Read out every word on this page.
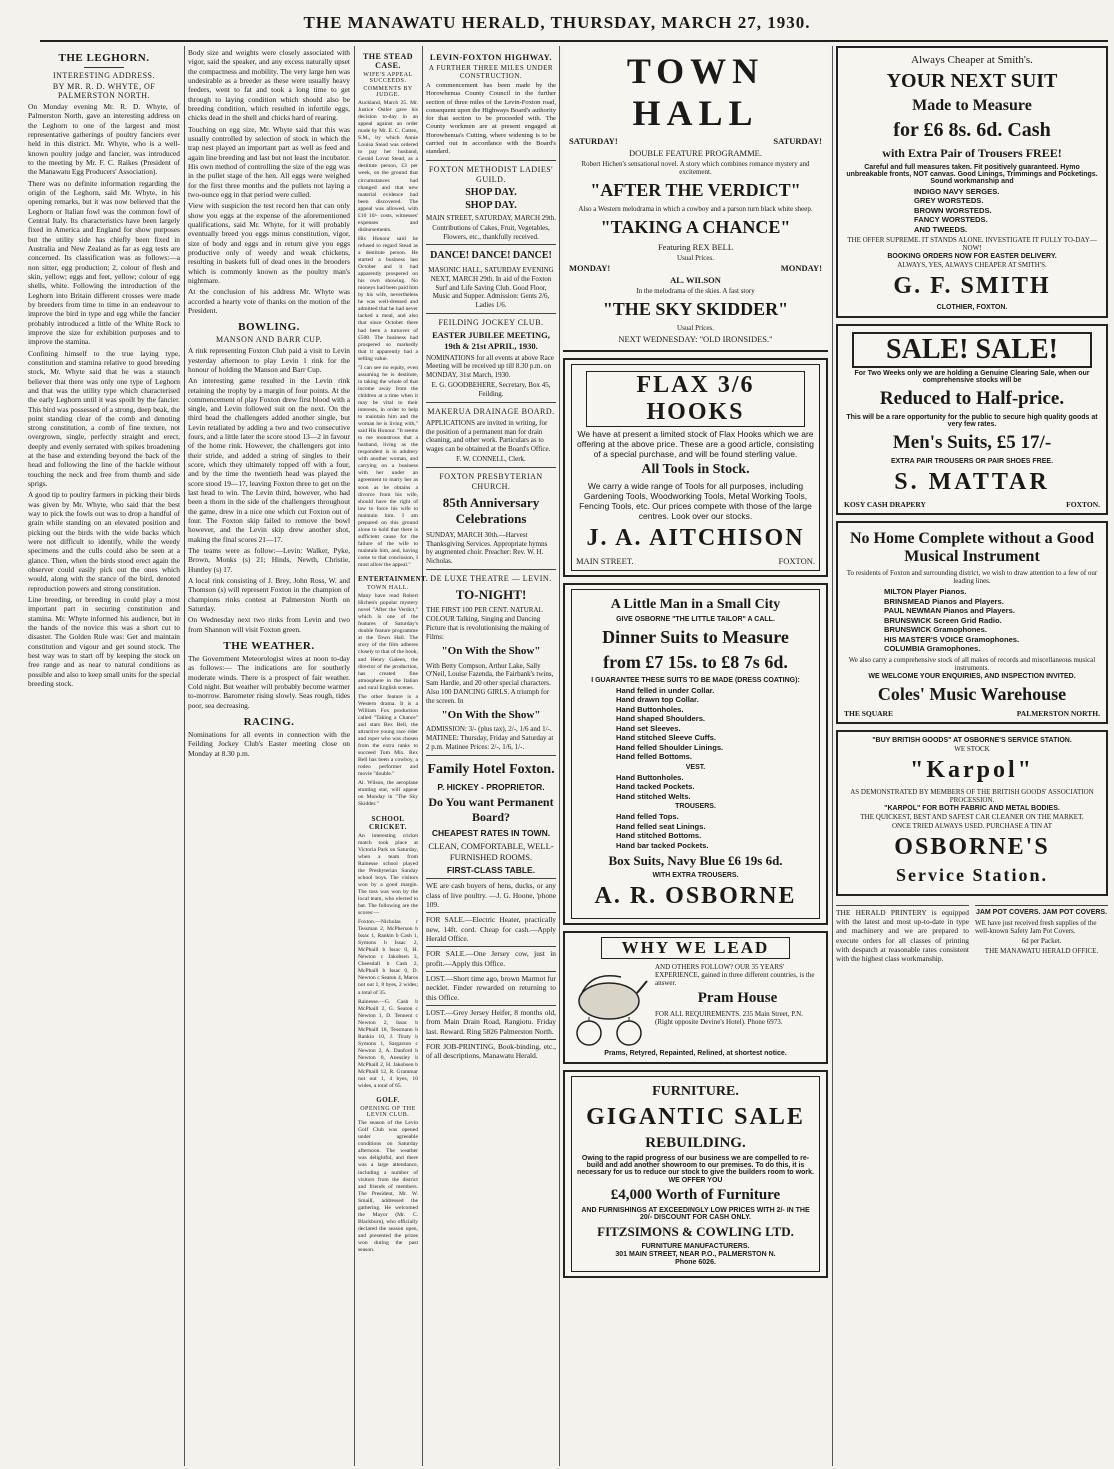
THE MANAWATU HERALD, THURSDAY, MARCH 27, 1930.
THE LEGHORN.
INTERESTING ADDRESS.
BY MR. R. D. WHYTE, OF PALMERSTON NORTH.

On Monday evening Mr. R. D. Whyte, of Palmerston North, gave an interesting address on the Leghorn to one of the largest and most representative gatherings of poultry fanciers ever held in this district. Mr. Whyte, who is a well-known poultry judge and fancier, was introduced to the meeting by Mr. F. C. Raikes (President of the Manawatu Egg Producers' Association).

There was no definite information regarding the origin of the Leghorn, said Mr. Whyte, in his opening remarks, but it was now believed that the Leghorn or Italian fowl was the common fowl of Central Italy. Its characteristics have been largely fixed in America and England for show purposes but the utility side has chiefly been fixed in Australia and New Zealand as far as egg tests are concerned. Its classification was as follows:—a non sitter, egg production; 2, colour of flesh and skin, yellow; eggs and feet, yellow; colour of egg shells, white. Following the introduction of the Leghorn into Britain different crosses were made by breeders from time to time in an endeavour to improve the bird in type and egg while the fancier probably introduced a little of the White Rock to improve the size for exhibition purposes and to improve the stamina.

Confining himself to the true laying type, constitution and stamina relative to good breeding stock, Mr. Whyte said that he was a staunch believer that there was only one type of Leghorn and that was the utility type which characterised the early Leghorn until it was spoilt by the fancier. This bird was possessed of a strong, deep beak, the point standing clear of the comb and denoting strong constitution, a comb of fine texture, not overgrown, single, perfectly straight and erect, deeply and evenly serrated with spikes broadening at the base and extending beyond the back of the head and following the line of the hackle without touching the neck and free from thumb and side sprigs.

A good tip to poultry farmers in picking their birds was given by Mr. Whyte, who said that the best way to pick the fowls out was to drop a handful of grain while standing on an elevated position and picking out the birds with the wide backs which were not difficult to identify, while the weedy specimens and the culls could also be seen at a glance. Then, when the birds stood erect again the observer could easily pick out the ones which would, along with the stance of the bird, denoted reproduction powers and strong constitution.

Line breeding, or breeding in could play a most important part in securing constitution and stamina. Mr. Whyte informed his audience, but in the hands of the novice this was a short cut to disaster. The Golden Rule was: Get and maintain constitution and vigour and get sound stock. The best way was to start off by keeping the stock on free range and as near to natural conditions as possible and also to keep small units for the special breeding stock.

Body size and weights were closely associated with vigor, said the speaker, and any excess naturally upset the compactness and mobility. The very large hen was undesirable as a breeder as these were usually heavy feeders, went to fat and took a long time to get through to laying condition which should also be breeding condition, which resulted in infertile eggs, chicks dead in the shell and chicks hard of rearing.

Touching on egg size, Mr. Whyte said that this was usually controlled by selection of stock in which the trap nest played an important part as well as feed and again line breeding and last but not least the incubator. His own method of controlling the size of the egg was in the pullet stage of the hen. All eggs were weighed for the first three months and the pullets not laying a two-ounce egg in that period were culled.

View with suspicion the test record hen that can only show you eggs at the expense of the aforementioned qualifications, said Mr. Whyte, for it will probably eventually breed you eggs minus constitution, vigor, size of body and eggs and in return give you eggs productive only of weedy and weak chickens, resulting in baskets full of dead ones in the brooders which is commonly known as the poultry man's nightmare.

At the conclusion of his address Mr. Whyte was accorded a hearty vote of thanks on the motion of the President.

BOWLING.
MANSON AND BARR CUP.

A rink representing Foxton Club paid a visit to Levin yesterday afternoon to play Levin 1 rink for the honour of holding the Manson and Barr Cup.

An interesting game resulted in the Levin rink retaining the trophy by a margin of four points. At the commencement of play Foxton drew first blood with a single, and Levin followed suit on the next. On the third head the challengers added another single, but Levin retaliated by adding a two and two consecutive fours, and a little later the score stood 13—2 in favour of the home rink. However, the challengers got into their stride, and added a string of singles to their score, which they ultimately topped off with a four, and by the time the twentieth head was played the score stood 19—17, leaving Foxton three to get on the last head to win. The Levin third, however, who had been a thorn in the side of the challengers throughout the game, drew in a nice one which cut Foxton out of four. The Foxton skip failed to remove the bowl however, and the Levin skip drew another shot, making the final scores 21—17.

The teams were as follow:—Levin: Walker, Pyke, Brown, Monks (s) 21; Hinds, Newth, Christie, Huntley (s) 17.

A local rink consisting of J. Brey, John Ross, W. and Thomson (s) will represent Foxton in the champion of champions rinks contest at Palmerston North on Saturday.

On Wednesday next two rinks from Levin and two from Shannon will visit Foxton green.

THE WEATHER.

The Government Meteorologist wires at noon to-day as follows:— The indications are for southerly moderate winds. There is a prospect of fair weather. Cold night. But weather will probably become warmer to-morrow. Barometer rising slowly. Seas rough, tides poor, sea decreasing.

RACING.

Nominations for all events in connection with the Feilding Jockey Club's Easter meeting close on Monday at 8.30 p.m.

THE STEAD CASE.
WIFE'S APPEAL SUCCEEDS.
COMMENTS BY JUDGE.

Auckland, March 25. Mr. Justice Ostler gave his decision to-day in an appeal against an order made by Mr. E. C. Cutten, S.M., by which Annie Louisa Stead was ordered to pay her husband, Gerald Lovat Stead, as a destitute person, £3 per week, on the ground that circumstances had changed and that new material evidence had been discovered. The appeal was allowed, with £10 10/- costs, witnesses' expenses and disbursements.

His Honour said he refused to regard Stead as a destitute person. He started a business last October and it had apparently prospered on his own showing. No moneys had been paid him by his wife, nevertheless he was well-dressed and admitted that he had never lacked a meal, and also that since October there had been a turnover of £500. The business had prospered so markedly that it apparently had a selling value.

"I can see no equity, even assuming he is destitute, in taking the whole of that income away from the children at a time when it may be vital to their interests, in order to help to maintain him and the woman he is living with," said His Honour. "It seems to me monstrous that a husband, living as the respondent is in adultery with another woman, and carrying on a business with her under an agreement to marry her as soon as he obtains a divorce from his wife, should have the right of law to force his wife to maintain him. I am prepared on this ground alone to hold that there is sufficient cause for the failure of the wife to maintain him, and, having come to that conclusion, I must allow the appeal."

ENTERTAINMENT.
TOWN HALL.

Many have read Robert Hichen's popular mystery novel "After the Verdict," which is one of the features of Saturday's double feature programme at the Town Hall. The story of the film adheres closely to that of the book, and Henry Galeen, the director of the production, has created fine atmosphere in the Italian and rural English scenes.

The other feature is a Western drama. It is a William Fox production called "Taking a Chance" and stars Rex Bell, the attractive young race rider and roper who was chosen from the extra ranks to succeed Tom Mix. Rex Bell has been a cowboy, a rodeo performer and movie "double."

Al. Wilson, the aeroplane stunting star, will appear on Monday in "The Sky Skidder."

SCHOOL CRICKET.

An interesting cricket match took place at Victoria Park on Saturday, when a team from Rainesse school played the Presbyterian Sunday school boys. The visitors won by a good margin. The toss was won by the local team, who elected to bat. The following are the scores:—

Foxton.—Nicholas r Tessman 2, McPherson b Issac 1, Rankin b Cash 1, Symons b Issac 2, McPhaill b Issac 0, H. Newton c Jakobsen 3, Cheesdall b Cash 2, McPhaill b Issac 0, D. Newton c Seaton 4, Maros not out 1, 8 byes, 2 wides; a total of 35.

Rainesse.—G. Cash b McPhaill 2, G. Seaton c Newton 1, D. Tennent c Newton 2, Issac b McPhaill 18, Tessmann b Rankin 10, J. Tiraty b Symons 1, Sargarson c Newton 2, A. Danford b Newton 0, Anessley b McPhaill 2, H. Jakobsen b McPhaill 12, R. Grammar not out 1, 4 byes, 10 wides, a total of 65.

GOLF.
OPENING OF THE LEVIN CLUB.

The season of the Levin Golf Club was opened under agreeable conditions on Saturday afternoon. The weather was delightful, and there was a large attendance, including a number of visitors from the district and friends of members. The President, Mr. W. Smaill, addressed the gathering. He welcomed the Mayor (Mr. C. Blackburn), who officially declared the season open, and presented the prizes won during the past season.

LEVIN-FOXTON HIGHWAY.
A FURTHER THREE MILES UNDER CONSTRUCTION.

A commencement has been made by the Horowhenua County Council in the further section of three miles of the Levin-Foxton road, consequent upon the Highways Board's authority for that section to be proceeded with. The County workmen are at present engaged at Horowhenua's Cutting, where widening is to be carried out in accordance with the Board's standard.

FOXTON METHODIST LADIES' GUILD.
SHOP DAY.
SHOP DAY.
MAIN STREET, SATURDAY, MARCH 29th.
Contributions of Cakes, Fruit, Vegetables, Flowers, etc., thankfully received.
DANCE! DANCE! DANCE!
MASONIC HALL, SATURDAY EVENING NEXT, MARCH 29th. In aid of the Foxton Surf and Life Saving Club. Good Floor, Music and Supper. Admission: Gents 2/6, Ladies 1/6.
FEILDING JOCKEY CLUB.
EASTER JUBILEE MEETING, 19th & 21st APRIL, 1930.
NOMINATIONS for all events at above Race Meeting will be received up till 8.30 p.m. on MONDAY, 31st March, 1930.
E. G. GOODBEHERE, Secretary, Box 45, Feilding.
MAKERUA DRAINAGE BOARD.
APPLICATIONS are invited in writing, for the position of a permanent man for drain cleaning, and other work. Particulars as to wages can be obtained at the Board's Office.
F. W. CONNELL, Clerk.
FOXTON PRESBYTERIAN CHURCH.
85th Anniversary Celebrations
SUNDAY, MARCH 30th.—Harvest Thanksgiving Services. Appropriate hymns by augmented choir. Preacher: Rev. W. H. Nicholas.
DE LUXE THEATRE — LEVIN.
TO-NIGHT!
THE FIRST 100 PER CENT. NATURAL COLOUR Talking, Singing and Dancing Picture that is revolutionising the making of Films:
"On With the Show"
With Betty Compson, Arthur Lake, Sally O'Neil, Louise Fazenda, the Fairbank's twins, Sam Hardie, and 20 other special characters. Also 100 DANCING GIRLS. A triumph for the screen. In
"On With the Show"
ADMISSION: 3/- (plus tax), 2/-, 1/6 and 1/-. MATINEE: Thursday, Friday and Saturday at 2 p.m. Matinee Prices: 2/-, 1/6, 1/-.
Family Hotel Foxton.
P. HICKEY - PROPRIETOR.
Do You want Permanent Board?
CHEAPEST RATES IN TOWN.
CLEAN, COMFORTABLE, WELL-FURNISHED ROOMS.
FIRST-CLASS TABLE.
WE are cash buyers of hens, ducks, or any class of live poultry. —J. G. Hoone, 'phone 109.
FOR SALE.—Electric Heater, practically new, 14ft. cord. Cheap for cash.—Apply Herald Office.
FOR SALE.—One Jersey cow, just in profit.—Apply this Office.
LOST.—Short time ago, brown Marmot fur necklet. Finder rewarded on returning to this Office.
LOST.—Grey Jersey Heifer, 8 months old, from Main Drain Road, Rangiotu. Friday last. Reward. Ring 5826 Palmerston North.
FOR JOB-PRINTING, Book-binding, etc., of all descriptions, Manawatu Herald.
TOWN HALL
SATURDAY!	SATURDAY!
DOUBLE FEATURE PROGRAMME.
Robert Hichen's sensational novel. A story which combines romance mystery and excitement.
"AFTER THE VERDICT"
Also a Western melodrama in which a cowboy and a parson turn black white sheep.
"TAKING A CHANCE"
Featuring REX BELL
Usual Prices.
MONDAY!	MONDAY!
AL. WILSON
In the melodrama of the skies. A fast story
"THE SKY SKIDDER"
Usual Prices.
NEXT WEDNESDAY: "OLD IRONSIDES."
FLAX 3/6 HOOKS
We have at present a limited stock of Flax Hooks which we are offering at the above price. These are a good article, consisting of a special purchase, and will be found sterling value.
All Tools in Stock.
We carry a wide range of Tools for all purposes, including Gardening Tools, Woodworking Tools, Metal Working Tools, Fencing Tools, etc. Our prices compete with those of the large centres. Look over our stocks.
J. A. AITCHISON
MAIN STREET.	FOXTON.
A Little Man in a Small City
GIVE OSBORNE "THE LITTLE TAILOR" A CALL.
Dinner Suits to Measure
from £7 15s. to £8 7s 6d.
I GUARANTEE THESE SUITS TO BE MADE (DRESS COATING):
Hand felled in under Collar.
Hand drawn top Collar.
Hand Buttonholes.
Hand shaped Shoulders.
Hand set Sleeves.
Hand stitched Sleeve Cuffs.
Hand felled Shoulder Linings.
Hand felled Bottoms.
VEST.
Hand Buttonholes.
Hand tacked Pockets.
Hand stitched Welts.
TROUSERS.
Hand felled Tops.
Hand felled seat Linings.
Hand stitched Bottoms.
Hand bar tacked Pockets.
Box Suits, Navy Blue £6 19s 6d.
WITH EXTRA TROUSERS.
A. R. OSBORNE
WHY WE LEAD
AND OTHERS FOLLOW? OUR 35 YEARS' EXPERIENCE, gained in three different countries, is the answer.
Pram House
FOR ALL REQUIREMENTS. 235 Main Street, P.N. (Right opposite Devine's Hotel). Phone 6973.
Prams, Retyred, Repainted, Relined, at shortest notice.
FURNITURE.
GIGANTIC SALE
REBUILDING.
Owing to the rapid progress of our business we are compelled to re-build and add another showroom to our premises. To do this, it is necessary for us to reduce our stock to give the builders room to work.
WE OFFER YOU
£4,000 Worth of Furniture
AND FURNISHINGS AT EXCEEDINGLY LOW PRICES WITH 2/- IN THE 20/- DISCOUNT FOR CASH ONLY.
FITZSIMONS & COWLING LTD.
FURNITURE MANUFACTURERS.
301 MAIN STREET, NEAR P.O., PALMERSTON N.
Phone 6026.
Always Cheaper at Smith's.
YOUR NEXT SUIT
Made to Measure
for £6 8s. 6d. Cash
with Extra Pair of Trousers FREE!
Careful and full measures taken. Fit positively guaranteed. Hymo unbreakable fronts, NOT canvas. Good Linings, Trimmings and Pocketings. Sound workmanship and
INDIGO NAVY SERGES.
GREY WORSTEDS.
BROWN WORSTEDS.
FANCY WORSTEDS.
AND TWEEDS.
THE OFFER SUPREME. IT STANDS ALONE. INVESTIGATE IT FULLY TO-DAY—NOW!
BOOKING ORDERS NOW FOR EASTER DELIVERY.
ALWAYS, YES, ALWAYS CHEAPER AT SMITH'S.
G. F. SMITH
CLOTHIER, FOXTON.
SALE! SALE!
For Two Weeks only we are holding a Genuine Clearing Sale, when our comprehensive stocks will be
Reduced to Half-price.
This will be a rare opportunity for the public to secure high quality goods at very few rates.
Men's Suits, £5 17/-
EXTRA PAIR TROUSERS OR PAIR SHOES FREE.
S. MATTAR
KOSY CASH DRAPERY	FOXTON.
No Home Complete without a Good Musical Instrument
To residents of Foxton and surrounding district, we wish to draw attention to a few of our leading lines.
MILTON Player Pianos.
BRINSMEAD Pianos and Players.
PAUL NEWMAN Pianos and Players.
BRUNSWICK Screen Grid Radio.
BRUNSWICK Gramophones.
HIS MASTER'S VOICE Gramophones.
COLUMBIA Gramophones.
We also carry a comprehensive stock of all makes of records and miscellaneous musical instruments.
WE WELCOME YOUR ENQUIRIES, AND INSPECTION INVITED.
Coles' Music Warehouse
THE SQUARE	PALMERSTON NORTH.
"BUY BRITISH GOODS" AT OSBORNE'S SERVICE STATION.
WE STOCK
"Karpol"
AS DEMONSTRATED BY MEMBERS OF THE BRITISH GOODS' ASSOCIATION PROCESSION.
"KARPOL" FOR BOTH FABRIC AND METAL BODIES.
THE QUICKEST, BEST AND SAFEST CAR CLEANER ON THE MARKET.
ONCE TRIED ALWAYS USED. PURCHASE A TIN AT
OSBORNE'S
Service Station.
THE HERALD PRINTERY is equipped with the latest and most up-to-date in type and machinery and we are prepared to execute orders for all classes of printing with despatch at reasonable rates consistent with the highest class workmanship.
JAM POT COVERS. JAM POT COVERS.
WE have just received fresh supplies of the well-known Safety Jam Pot Covers.
6d per Packet.
THE MANAWATU HERALD OFFICE.
